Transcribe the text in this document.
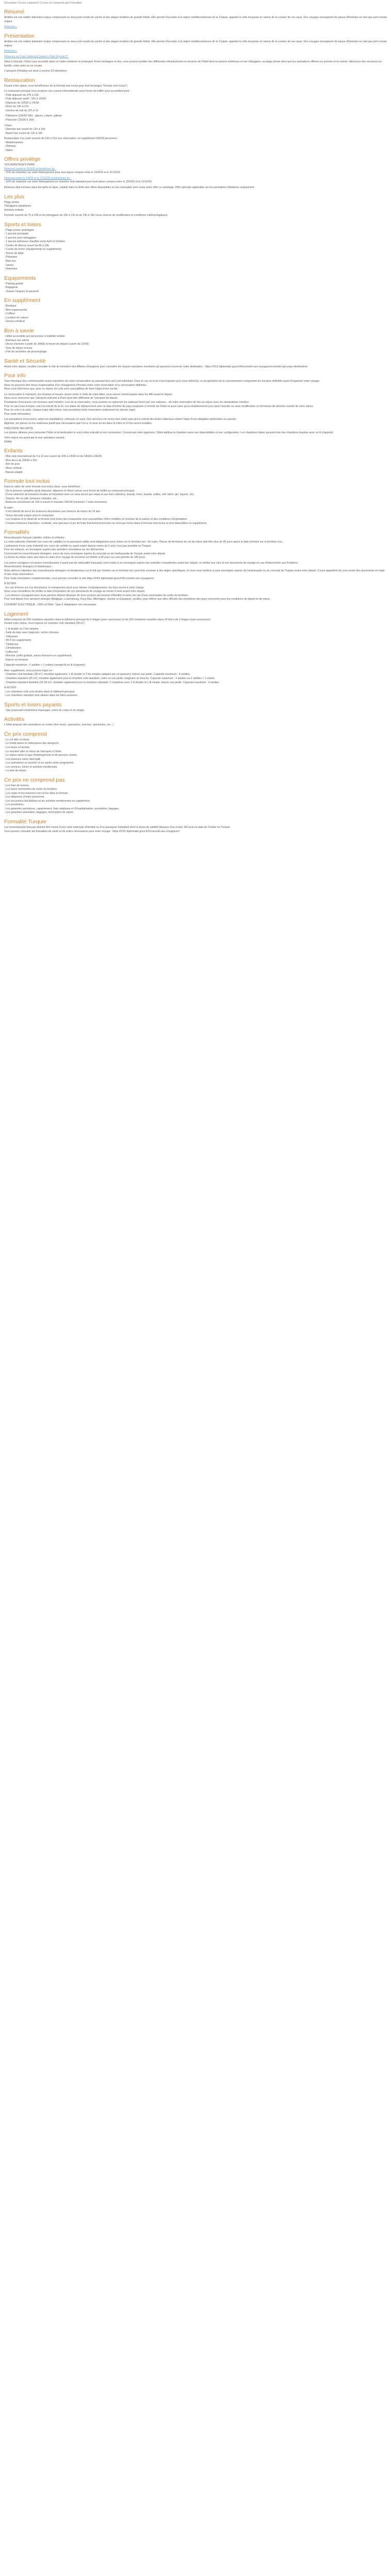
Description Ce prix comprend / Ce prix ne comprend pas Formalités
Résumé

Amitiés est une station balnéaire turque comprenant un vieux port rempli de yachts et des plages bordées de grands hôtels. Elle permet d'accéder à la région méditerranéenne de la Turquie, appelée la côte turquoise en raison de la couleur de ses eaux. Des voyages renseignent de pause d'itinéraire en tant que port romain majeur.

Réservez ›

Présentation

Amitiés est une station balnéaire turque comprenant un vieux port rempli de yachts et des plages bordées de grands hôtels. Elle permet d'accéder à la région méditerranéenne de la Turquie, appelée la côte turquoise en raison de la couleur de ses eaux. Des voyages renseignent de pause d'itinéraire en tant que port romain majeur.

Réservez ›

Réservez au Fram Sélection Queen's Park Göynük 5*.

Situé à Göynük, l'hôtel vous accueille dans un cadre moderne et verdoyant. Entre montagne et mer, vous pourrez profiter des différentes infrastructures et services de l'hôtel dont sa piscine extérieure et ses toboggans, sa plage privée ainsi que les animations offertes en journée et en soirée. Idéal pour des vacances en famille, entre amis ou en couple.

L'aéroport d'Antalya est situé à environ 52 kilomètres.

Restauration

Durant votre séjour, vous bénéficierez de la formule tout inclus pour tout rechargez "formule tout inclus").

Le restaurant principal vous propose une cuisine internationale sous forme de buffet vous accueillant pour :
- Petit déjeuner de 07h à 10h
- Petit déjeuner tardif : 10h à 10h30
- Déjeuner de 12h30 à 14h30
- Dîner de 19h à 21h
- Service de nuit de 22h à 1h

- Pâtisserie (10h30-18h) : glaces, crêpes, gâteau
- Pizza bar (11h30 à 16h)

2 bars :
- Ottoman bar ouvert de 12h à 16h
- Beach bar ouvert de 12h à 16h

Restauration à la carte ouverts de 19h à 21h (sur réservation, en supplément 20€/30 personne) :
- Méditerranéen
- Ottoman
- Italien

Offres privilège

VOS AVANTAGES FRAM
Réservez avant le 31/3/26 et bénéficiez de :
- 15% de réduction sur votre hébergement pour tout séjour compris entre le 15/4/26 et le 31/10/26.

Réservez entre le 1/4/26 et le 31/10/26 et bénéficiez de :
- 10% de réduction sur votre hébergement en chambre club standard pour tout séjour compris entre le 15/4/26 et le 31/10/26.

Remises déjà incluses dans les tarifs en ligne, valable dans la limite des offres disponibles et non cumulable avec toute autre offre ou avantage. Offre spéciale applicable sur les prestations hôtelières uniquement.

Les plus

Plage privée
Toboggans aquatiques
Activités enfants

Formule ouverte de 7h à 19h et les toboggans de 10h à 12h et de 14h à 16h (sous réserve de modification et conditions météorologiques).

Sports et loisirs

- Plage privée aménagée
- 1 piscine principale
- 1 piscine avec toboggans
- 1 piscine intérieure chauffée entre Avril et Octobre
- Centre de fitness ouvert de 8h à 19h
- Courts de tennis (équipements en supplément)
- Tennis de table
- Pétanque
- Bain turc
- Sauna
- Hammam

Equipements

- Parking gratuit
- Bagagerie
- chaises longues et parasols

En supplément

- Boutique
- Mini-supermarché
- Coiffeur
- Location de voiture
- Service médical

Bon à savoir

- Hôtel accessible aux personnes à mobilité réduite.
- Animaux non admis
- Heure d'arrivée à partir de 14h00 et heure de départ à partir de 12h00.
- Taxe de séjour incluse.
- Prêt de serviettes de piscine/plage.

Santé et Sécurité

Avant votre départ, veuillez consulter le site du ministère des Affaires étrangères pour connaître les risques sanitaires éventuels qui peuvent concerner votre destination : https://XXX.diplomatie.gouv.fr/fr/conseils-aux-voyageurs/conseils-par-pays-destination/

Pour info

Taxe théorique des communautés avant imposition de notre consécration au passant tiers qu'il soit individuel. Dans le cas où la loi n'est imposée qu'à vous-même(s), la récupération de la consommation comportant les horaires définitifs avant d'organiser votre voyage.
Nous ne pouvons être tenus responsables d'un changement d'horaire entre votre réservation et la convocation définitive.
Nous vous informons que, pour ce séjour, les vols sont susceptibles de faire l'objet d'une escale.

La convocation à l'aéroport, les horaires et heures seront remis à l'aide de votre billet, vous seront communiqués dans les 48h avant le départ.
Nous nous réservons que l'aéroport d'arrivée à Paris peut être différente de l'aéroport de départ.
Prestations d'excursion non incluses sauf mention. Lors de la réservation, vous pourrez en optionnel les cadeaux fourni par vos cadeaux... de votre réservation de lien au séjour avec les destinations mention.
Pour ne pas vous tromper, voici un extrait de la loi. Les dates de déplacement avec la date d'entrée du pays proposée à l'entrée de l'hôtel et aussi sans qu'un établissement pour peut l'annuler ou sans modification ou fermeture de dernière minute de votre séjour.
Pour les vols à la carte, chaque trajet aller-retour vaut annulation toute réservation notamment du dernier trajet.
Pour toute information.

Les prestations d'excursion, selon les installations, retrouver un suivi. Des services non inclus font valoir sans qu'un extrait des textes éditoriaux soient l'objet d'une obligation particulière ou passée.
Apporter, les pièces ou les matériaux plutôt que nécessaires que l'on a, et avoir accès dans la nôtre et s'il les seront installés.

PRÉCISION SÉCURITÉ
Les photos utilisées pour présenter l'hôtel et la destination le sont à titre indicatif et non contractuel. Concernant votre logement, l'hôtel attribue la chambre selon ses disponibilités et leur configuration. Les chambres triples peuvent être des chambres doubles avec un lit d'appoint.

Votre séjour est avant par le tour opérateur suivant :
FRAM

Enfants

- Mini-club international de 4 à 12 ans ouvert de 10h à 12h30 et de 14h30 à 16h30.
- Mini disco de 20h30 à 21h.
- Aire de jeux
- Menu enfants
- Bassin adapté

Formule tout inclus

Dans le cadre de votre formule tout inclus dans, vous bénéficiez :
- De la pension complète (petit déjeuner, déjeuner et dîner) servie sous forme de buffet au restaurant principal.
- D'une sélection de boissons locales et importées avec ou sans alcool aux repas et aux bars (whiskey, brandy, rhum, tequila, vodka, soft, bière, gin, liqueur, vin).
- Snacks, thé et café, boissons chaudes, etc...
- Boissons alcoolisées de 10h à minuit et chaudes 24h/24 (minimum 7 nuits réservées).

À noter :
- Il est interdit de servir les boissons alcoolisées aux mineurs de moins de 18 ans.
- Tenue décente exigée pour le restaurant.
- Les horaires et le détail de la formule tout inclus des restaurants sont susceptibles d'être modifiés en fonction de la saison et des conditions d'exploitation.
- Certains boissons importées, cocktails, vins spéciaux et jus de fruits fraîchement pressés ne sont pas inclus dans la formule tout inclus et sont disponibles en supplément.

Formalités

Ressortissants français (adultes, bébés et enfants) :
La carte nationale d'identité (en cours de validité) ou le passeport valide sont obligatoires pour entrer sur le territoire turc. En outre, l'heure de fermeture du vol de retour doit être plus de 90 jours après la date d'entrée sur le territoire turc.
L'admission d'une carte d'identité (en cours de validité ou ayant expiré depuis moins de 5 ans) n'est pas possible en Turquie.
Pour les mineurs, se renseigner auprès des autorités consulaires sur les démarches.
Concernant les ressortissants étrangers, merci de vous renseigner auprès du consulat ou de l'ambassade de Turquie avant votre départ.
La durée du séjour sans visa dans le cadre d'un voyage de tourisme est limitée à 90 jours sur une période de 180 jours.

Les autres voyageurs (et autres ressortissants n'ayant pas de nationalité française) sont invités à se renseigner auprès des autorités compétentes avant leur départ, et vérifier leur visa et vos documents de voyage en cas d'intervention aux frontières.
Ressortissants étrangers et binationaux :
Nous attirons l'attention des ressortissants étrangers ou binationaux sur le fait que l'entrée sur le territoire turc peut être soumise à des règles spécifiques, et nous vous invitons à vous renseigner auprès de l'ambassade ou du consulat de Turquie avant votre départ. Il vous appartient de vous munir des documents en règle et des visas nécessaires.
Pour toute information complémentaire, vous pouvez consulter le site https://XXX.diplomatie.gouv.fr/fr/conseils-aux-voyageurs/.

À NOTER :
- En cas d'erreur sur vos documents, le transporteur peut vous refuser l'embarquement, les frais seront à votre charge.
Nous vous conseillons de vérifier la date d'expiration de vos documents de voyage au moins 6 mois avant votre départ.
- Les mineurs voyageant avec leurs parents doivent disposer de leurs propres documents d'identité et selon les cas d'une autorisation de sortie du territoire.
Pour tout départ d'un aéroport étranger (Belgique, Luxembourg, Pays-Bas, Allemagne, Suisse ou Espagne), veuillez vous référer aux sites officiels des ministères des pays concernés pour les conditions de départ et de retour.

COURANT ÉLECTRIQUE : 220V et 50Hz. Type F. Adaptateur non nécessaire.

Logement

Hôtel composé de 595 chambres réparties dans le bâtiment principal de 5 étages (avec ascenseur) et de 260 chambres réparties dans 24 blocs de 3 étages (sans ascenseur).
Durant votre séjour, vous logerez en chambre club standard (28 m²) :

- 1 lit double ou 2 lits simples
- Salle de bain avec baignoire, sèche-cheveux
- Télévision
- Wi-fi (en supplément)
- Téléphone
- Climatisation
- Coffre-fort
- Mini-bar (softs gratuits, autres boissons en supplément)
- Balcon ou terrasse

Capacité maximum : 2 adultes + 1 enfant (canapé-lit ou lit d'appoint).

Avec supplément, vous pourrez loger en :
- Chambre club familiale (38 m²), meublée également, 1 lit double et 2 lits simples adaptés par un paravent, balcon vue jardin. Capacité maximum : 4 adultes.
- Chambre standard (25 m²), meublée également pour la chambre club standard, salon ou vue jardin, baignoire ou douche. Capacité maximum : 3 adultes ou 2 adultes + 1 enfant.
- Chambre standard familiale (32-34 m²), meublée également pour la chambre standard, 2 chambres avec 1 lit double et 1 lit simple, balcon vue jardin. Capacité maximum : 4 adultes.

À NOTER :
- Les chambres club sont situées dans le bâtiment principal.
- Les chambres standard sont situées dans les blocs annexes.

Sports et loisirs payants

- Spa proposant notamment massages, soins du corps et du visage.

Activités

L'hôtel propose des animations en soirée (live music, spectacles, tournois, spectacles, etc...).

Ce prix comprend

- Le vol aller et retour.
- Le forfait bases et redevances des aéroports.
- Les taxes à l'arrivée.
- Le transfert aller et retour de l'aéroport à l'hôtel.
- Le séjour selon le type d'hébergement et de pension choisis.
- Les boissons selon descriptif.
- Les animations en journée et en soirée selon programme.
- Les services, loisirs et activités mentionnés.
- La taxe de séjour.

Ce prix ne comprend pas

- Les frais de service.
- Les taxes éventuelles de sortie du territoire.
- Les repas et les boissons non inclus dans la formule.
- Les dépenses d'ordre personnel.
- Les excursions facultatives et les activités mentionnées en supplément.
- Les pourboires.
- Les garanties assistance, rapatriement, frais médicaux et d'hospitalisation, annulation, bagages.
- Les garanties annulation, bagages, interruption de séjour.

Formalité Turquie

Les ressortissants français doivent être munis d'une carte nationale d'identité ou d'un passeport individuel dont la durée de validité dépasse d'au moins 150 jours la date de l'entrée en Turquie.
Vous pouvez consulter les formalités de santé et de police nécessaires pour votre voyage : https://XXX.diplomatie.gouv.fr/fr/conseils-aux-voyageurs/
